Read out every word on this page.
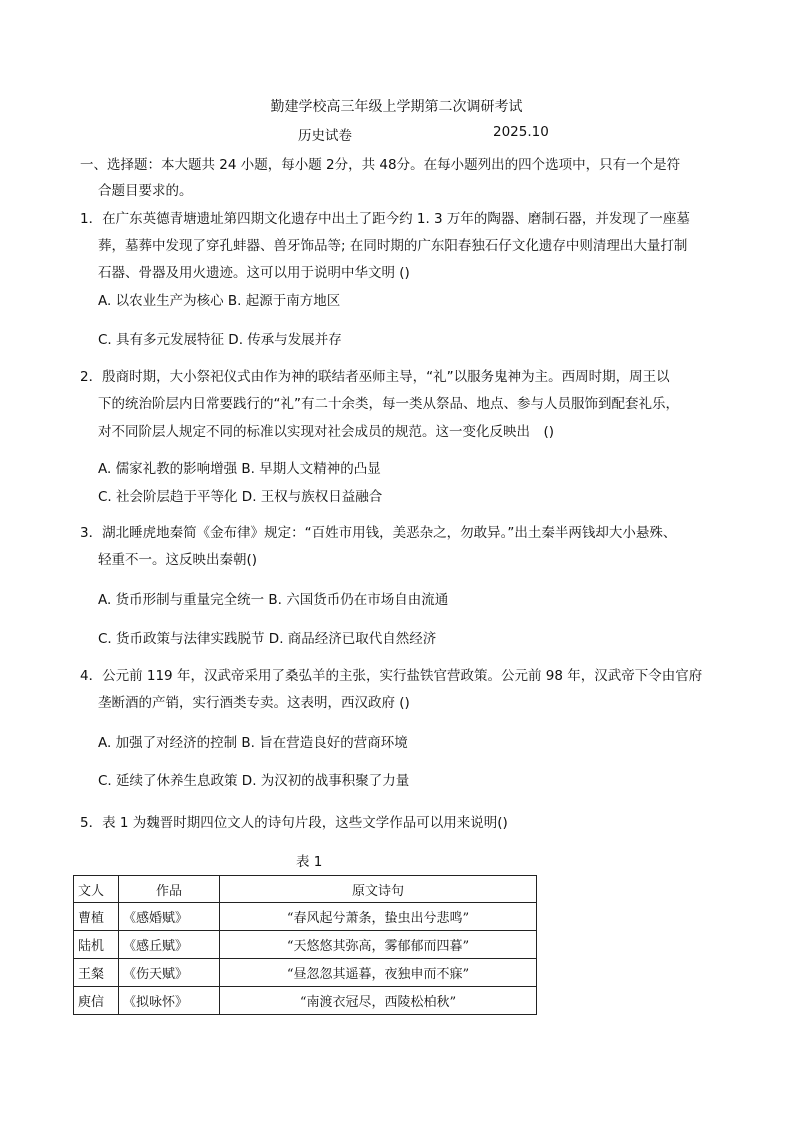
勤建学校高三年级上学期第二次调研考试
历史试卷	2025.10
一、选择题：本大题共 24 小题，每小题 2分，共 48分。在每小题列出的四个选项中，只有一个是符
合题目要求的。
1．在广东英德青塘遗址第四期文化遗存中出土了距今约 1. 3 万年的陶器、磨制石器，并发现了一座墓
葬，墓葬中发现了穿孔蚌器、兽牙饰品等; 在同时期的广东阳春独石仔文化遗存中则清理出大量打制
石器、骨器及用火遗迹。这可以用于说明中华文明 ()
A. 以农业生产为核心 B. 起源于南方地区
C. 具有多元发展特征 D. 传承与发展并存
2．殷商时期，大小祭祀仪式由作为神的联结者巫师主导，“礼”以服务鬼神为主。西周时期，周王以
下的统治阶层内日常要践行的“礼”有二十余类，每一类从祭品、地点、参与人员服饰到配套礼乐，
对不同阶层人规定不同的标准以实现对社会成员的规范。这一变化反映出　()
A. 儒家礼教的影响增强 B. 早期人文精神的凸显
C. 社会阶层趋于平等化 D. 王权与族权日益融合
3．湖北睡虎地秦简《金布律》规定：“百姓市用钱，美恶杂之，勿敢异。”出土秦半两钱却大小悬殊、
轻重不一。这反映出秦朝()
A. 货币形制与重量完全统一 B. 六国货币仍在市场自由流通
C. 货币政策与法律实践脱节 D. 商品经济已取代自然经济
4．公元前 119 年，汉武帝采用了桑弘羊的主张，实行盐铁官营政策。公元前 98 年，汉武帝下令由官府
垄断酒的产销，实行酒类专卖。这表明，西汉政府 ()
A. 加强了对经济的控制 B. 旨在营造良好的营商环境
C. 延续了休养生息政策 D. 为汉初的战事积聚了力量
5．表 1 为魏晋时期四位文人的诗句片段，这些文学作品可以用来说明()
表 1
文人	作品	原文诗句
曹植	《感婚赋》	“春风起兮萧条，蛰虫出兮悲鸣”
陆机	《感丘赋》	“天悠悠其弥高，雾郁郁而四暮”
王粲	《伤天赋》	“昼忽忽其遥暮，夜独申而不寐”
庾信	《拟咏怀》	“南渡衣冠尽，西陵松柏秋”
